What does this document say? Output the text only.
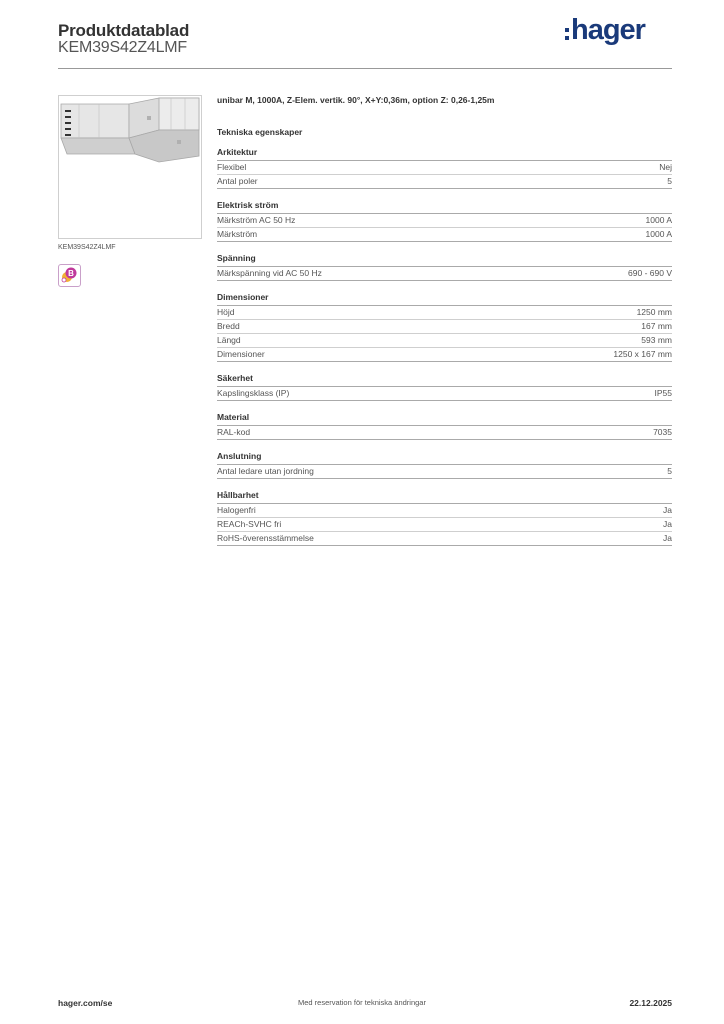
Produktdatablad
KEM39S42Z4LMF
hager
KEM39S42Z4LMF
B
unibar M, 1000A, Z-Elem. vertik. 90°, X+Y:0,36m, option Z: 0,26-1,25m
Tekniska egenskaper
Arkitektur
Flexibel	Nej
Antal poler	5
Elektrisk ström
Märkström AC 50 Hz	1000 A
Märkström	1000 A
Spänning
Märkspänning vid AC 50 Hz	690 - 690 V
Dimensioner
Höjd	1250 mm
Bredd	167 mm
Längd	593 mm
Dimensioner	1250 x 167 mm
Säkerhet
Kapslingsklass (IP)	IP55
Material
RAL-kod	7035
Anslutning
Antal ledare utan jordning	5
Hållbarhet
Halogenfri	Ja
REACh-SVHC fri	Ja
RoHS-överensstämmelse	Ja
hager.com/se	Med reservation för tekniska ändringar	22.12.2025
